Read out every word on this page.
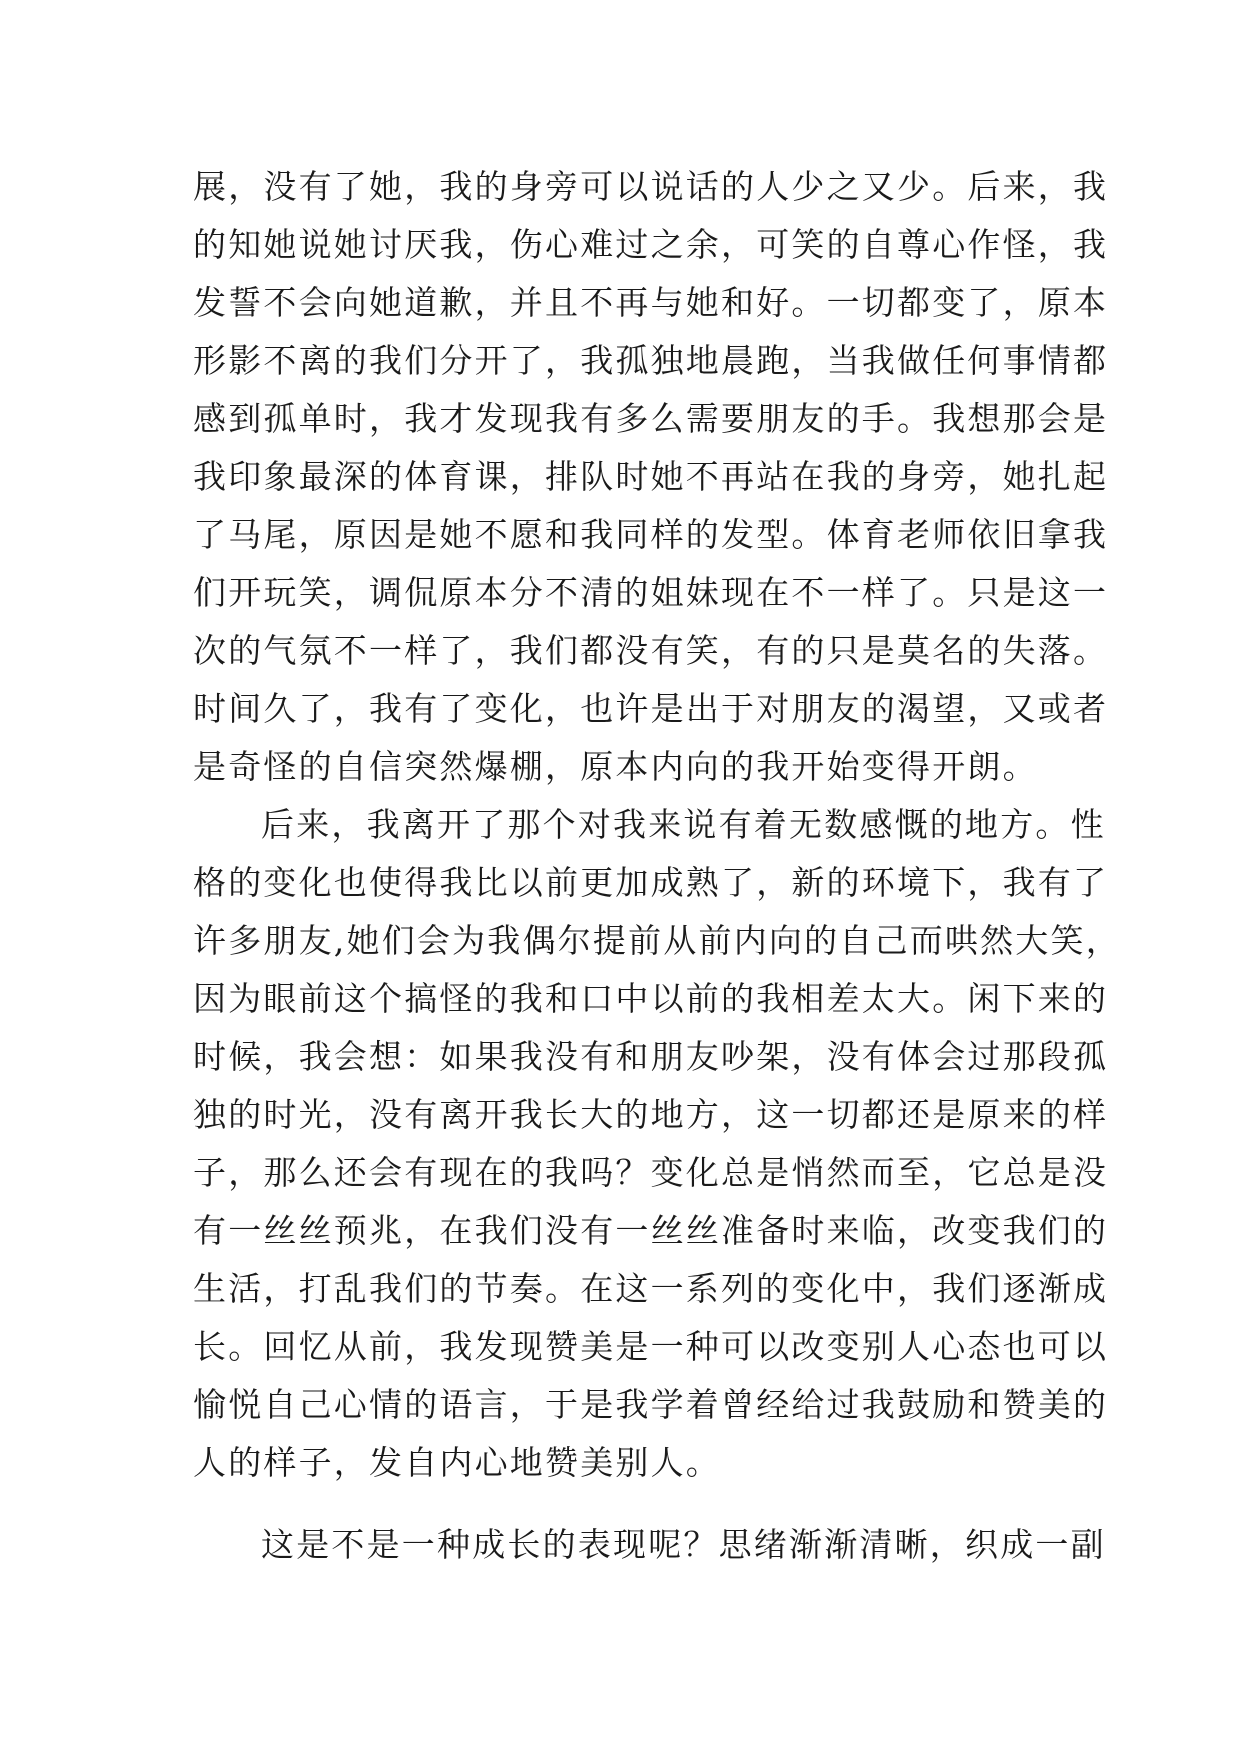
展，没有了她，我的身旁可以说话的人少之又少。后来，我
的知她说她讨厌我，伤心难过之余，可笑的自尊心作怪，我
发誓不会向她道歉，并且不再与她和好。一切都变了，原本
形影不离的我们分开了，我孤独地晨跑，当我做任何事情都
感到孤单时，我才发现我有多么需要朋友的手。我想那会是
我印象最深的体育课，排队时她不再站在我的身旁，她扎起
了马尾，原因是她不愿和我同样的发型。体育老师依旧拿我
们开玩笑，调侃原本分不清的姐妹现在不一样了。只是这一
次的气氛不一样了，我们都没有笑，有的只是莫名的失落。
时间久了，我有了变化，也许是出于对朋友的渴望，又或者
是奇怪的自信突然爆棚，原本内向的我开始变得开朗。
后来，我离开了那个对我来说有着无数感慨的地方。性
格的变化也使得我比以前更加成熟了，新的环境下，我有了
许多朋友,她们会为我偶尔提前从前内向的自己而哄然大笑，
因为眼前这个搞怪的我和口中以前的我相差太大。闲下来的
时候，我会想：如果我没有和朋友吵架，没有体会过那段孤
独的时光，没有离开我长大的地方，这一切都还是原来的样
子，那么还会有现在的我吗？变化总是悄然而至，它总是没
有一丝丝预兆，在我们没有一丝丝准备时来临，改变我们的
生活，打乱我们的节奏。在这一系列的变化中，我们逐渐成
长。回忆从前，我发现赞美是一种可以改变别人心态也可以
愉悦自己心情的语言，于是我学着曾经给过我鼓励和赞美的
人的样子，发自内心地赞美别人。
这是不是一种成长的表现呢？思绪渐渐清晰，织成一副
